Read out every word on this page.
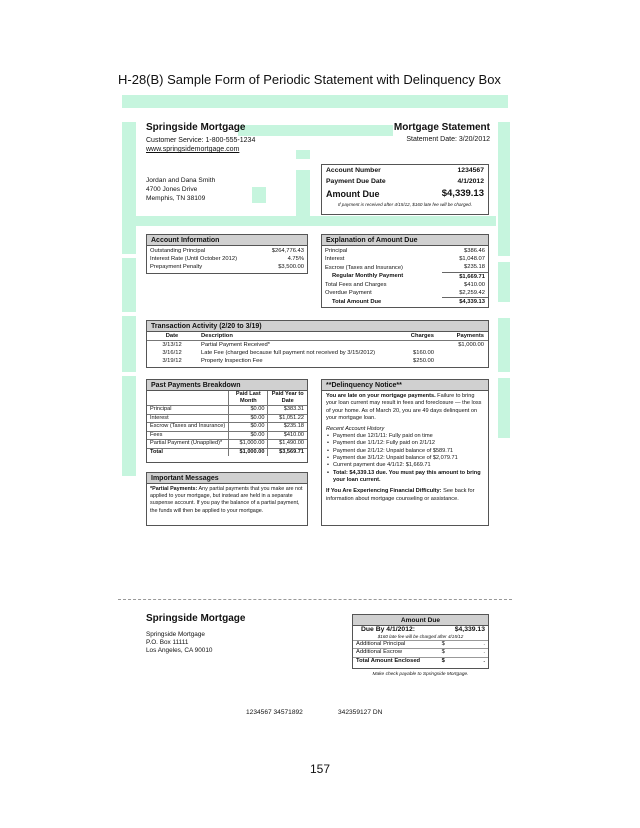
H-28(B) Sample Form of Periodic Statement with Delinquency Box
Springside Mortgage
Customer Service: 1-800-555-1234
www.springsidemortgage.com
Mortgage Statement
Statement Date: 3/20/2012
Jordan and Dana Smith
4700 Jones Drive
Memphis, TN 38109
Account Number	1234567
Payment Due Date	4/1/2012
Amount Due	$4,339.13
If payment is received after 4/15/12, $160 late fee will be charged.
Account Information
Outstanding Principal	$264,776.43
Interest Rate (Until October 2012)	4.75%
Prepayment Penalty	$3,500.00
Explanation of Amount Due
Principal	$386.46
Interest	$1,048.07
Escrow (Taxes and Insurance)	$235.18
Regular Monthly Payment	$1,669.71
Total Fees and Charges	$410.00
Overdue Payment	$2,259.42
Total Amount Due	$4,339.13
Transaction Activity (2/20 to 3/19)
Date	Description	Charges	Payments
3/13/12	Partial Payment Received*		$1,000.00
3/16/12	Late Fee (charged because full payment not received by 3/15/2012)	$160.00	
3/19/12	Property Inspection Fee	$250.00	
Past Payments Breakdown
	Paid Last Month	Paid Year to Date
Principal	$0.00	$383.31
Interest	$0.00	$1,051.22
Escrow (Taxes and Insurance)	$0.00	$235.18
Fees	$0.00	$410.00
Partial Payment (Unapplied)*	$1,000.00	$1,490.00
Total	$1,000.00	$3,569.71
Important Messages
*Partial Payments: Any partial payments that you make are not applied to your mortgage, but instead are held in a separate suspense account. If you pay the balance of a partial payment, the funds will then be applied to your mortgage.
**Delinquency Notice**

You are late on your mortgage payments. Failure to bring your loan current may result in fees and foreclosure — the loss of your home. As of March 20, you are 49 days delinquent on your mortgage loan.

Recent Account History

• Payment due 12/1/11: Fully paid on time
• Payment due 1/1/12: Fully paid on 2/1/12
• Payment due 2/1/12: Unpaid balance of $589.71
• Payment due 3/1/12: Unpaid balance of $2,079.71
• Current payment due 4/1/12: $1,669.71
• Total: $4,339.13 due. You must pay this amount to bring your loan current.

If You Are Experiencing Financial Difficulty: See back for information about mortgage counseling or assistance.

Springside Mortgage
Springside Mortgage
P.O. Box 11111
Los Angeles, CA 90010
Amount Due
Due By 4/1/2012:	$4,339.13	
$160 late fee will be charged after 4/15/12		
Additional Principal	$	.
Additional Escrow	$	.
Total Amount Enclosed	$	.
Make check payable to Springside Mortgage.
1234567 34571892	342359127 DN
157
